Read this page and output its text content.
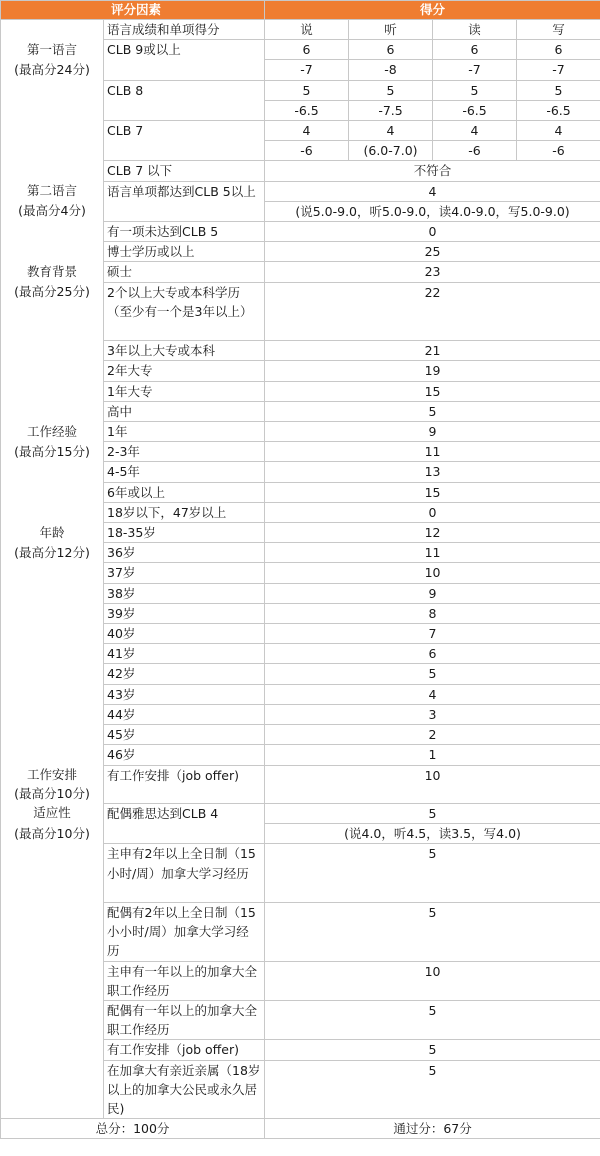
评分因素		得分			
	语言成绩和单项得分	说	听	读	写
第一语言	CLB 9或以上	6	6	6	6
(最高分24分)		-7	-8	-7	-7
	CLB 8	5	5	5	5
		-6.5	-7.5	-6.5	-6.5
	CLB 7	4	4	4	4
		-6	(6.0-7.0)	-6	-6
	CLB 7 以下	不符合			
第二语言	语言单项都达到CLB 5以上	4			
(最高分4分)		(说5.0-9.0，听5.0-9.0，读4.0-9.0，写5.0-9.0)			
	有一项未达到CLB 5	0			
	博士学历或以上	25			
教育背景	硕士	23			
(最高分25分)	2个以上大专或本科学历（至少有一个是3年以上）	22			
	3年以上大专或本科	21			
	2年大专	19			
	1年大专	15			
	高中	5			
工作经验	1年	9			
(最高分15分)	2-3年	11			
	4-5年	13			
	6年或以上	15			
	18岁以下，47岁以上	0			
年龄	18-35岁	12			
(最高分12分)	36岁	11			
	37岁	10			
	38岁	9			
	39岁	8			
	40岁	7			
	41岁	6			
	42岁	5			
	43岁	4			
	44岁	3			
	45岁	2			
	46岁	1			
工作安排	有工作安排（job offer)	10			
(最高分10分)					
适应性	配偶雅思达到CLB 4	5			
(最高分10分)		(说4.0，听4.5，读3.5，写4.0)			
	主申有2年以上全日制（15小时/周）加拿大学习经历	5			
	配偶有2年以上全日制（15小小时/周）加拿大学习经历	5			
	主申有一年以上的加拿大全职工作经历	10			
	配偶有一年以上的加拿大全职工作经历	5			
	有工作安排（job offer)	5			
	在加拿大有亲近亲属（18岁以上的加拿大公民或永久居民)	5			
总分：100分		通过分：67分			
